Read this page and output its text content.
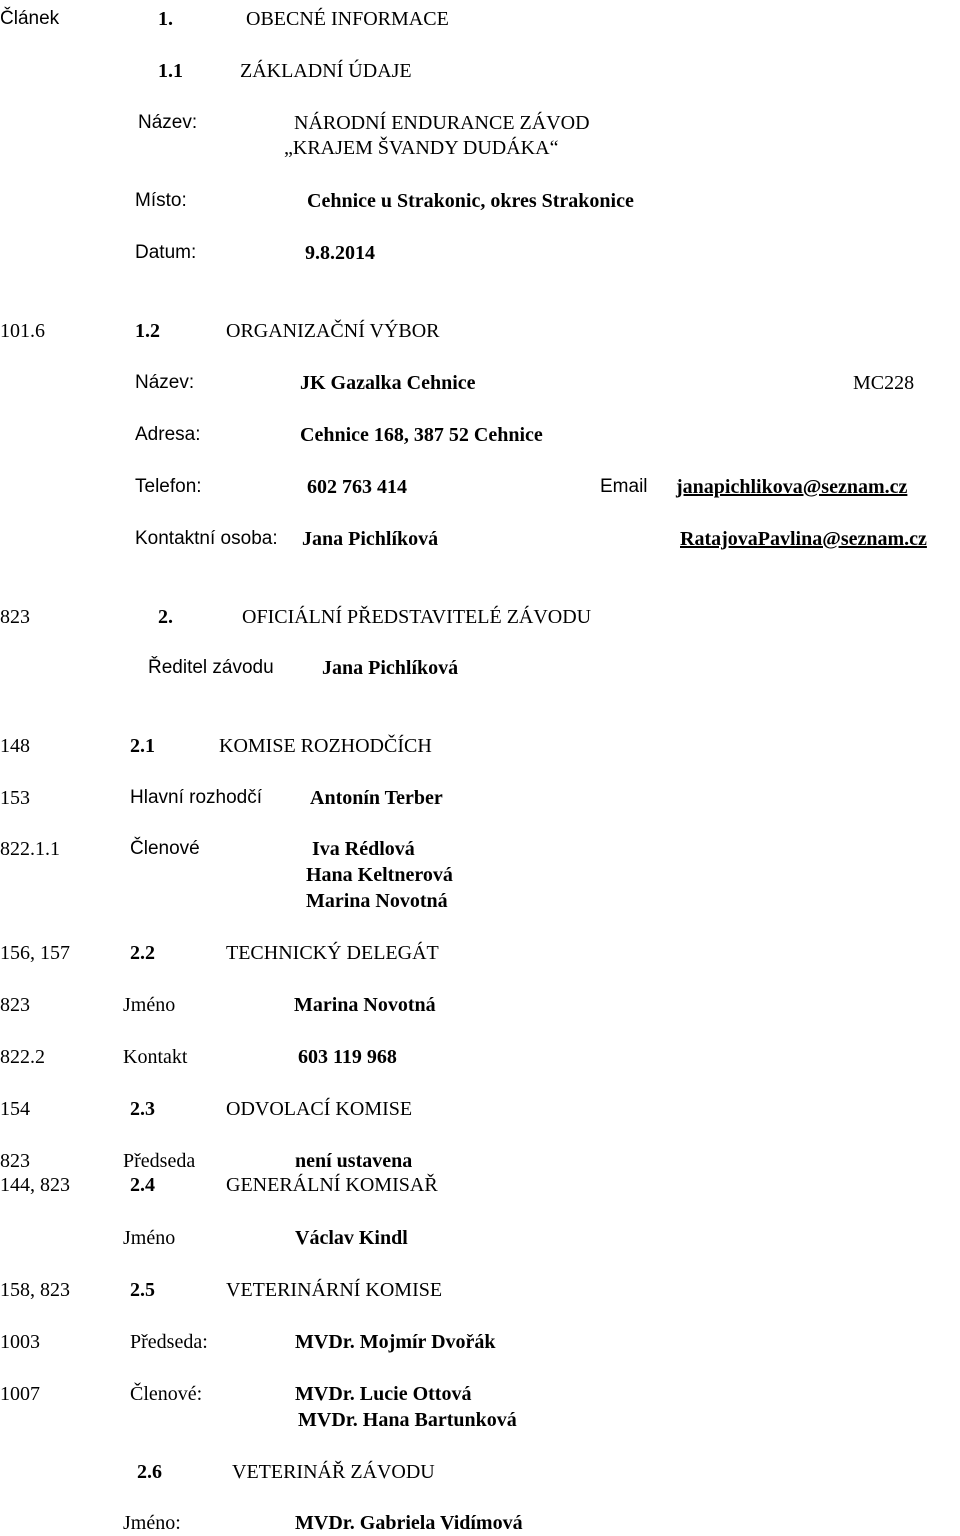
Článek	1.	OBECNÉ INFORMACE
1.1	ZÁKLADNÍ ÚDAJE
Název:	NÁRODNÍ ENDURANCE ZÁVOD
„KRAJEM ŠVANDY DUDÁKA“
Místo:	Cehnice u Strakonic, okres Strakonice
Datum:	9.8.2014
101.6	1.2	ORGANIZAČNÍ VÝBOR
Název:	JK Gazalka Cehnice	MC228
Adresa:	Cehnice 168, 387 52 Cehnice
Telefon:	602 763 414	Email janapichlikova@seznam.cz
Kontaktní osoba: Jana Pichlíková	RatajovaPavlina@seznam.cz
823	2.	OFICIÁLNÍ PŘEDSTAVITELÉ ZÁVODU
Ředitel závodu Jana Pichlíková
148	2.1	KOMISE ROZHODČÍCH
153	Hlavní rozhodčí Antonín Terber
822.1.1	Členové	Iva Rédlová
Hana Keltnerová
Marina Novotná
156, 157	2.2	TECHNICKÝ DELEGÁT
823	Jméno	Marina Novotná
822.2	Kontakt	603 119 968
154	2.3	ODVOLACÍ KOMISE
823	Předseda	není ustavena
144, 823	2.4	GENERÁLNÍ KOMISAŘ
Jméno	Václav Kindl
158, 823	2.5	VETERINÁRNÍ KOMISE
1003	Předseda:	MVDr. Mojmír Dvořák
1007	Členové:	MVDr. Lucie Ottová
MVDr. Hana Bartunková
2.6	VETERINÁŘ ZÁVODU
Jméno:	MVDr. Gabriela Vidímová
